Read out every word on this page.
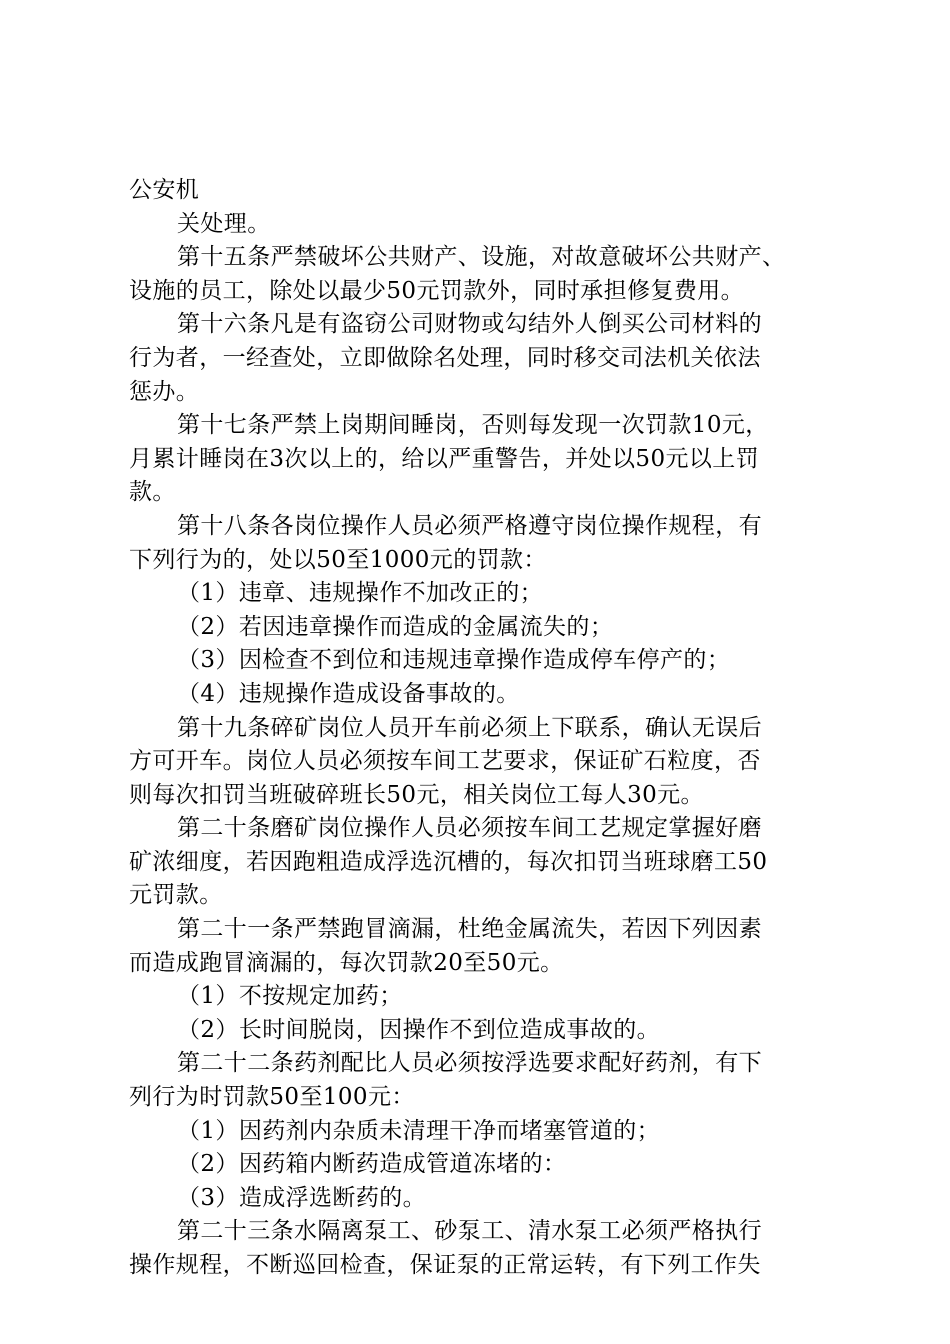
公安机
关处理。
第十五条严禁破坏公共财产、设施，对故意破坏公共财产、
设施的员工，除处以最少50元罚款外，同时承担修复费用。
第十六条凡是有盗窃公司财物或勾结外人倒买公司材料的
行为者，一经查处，立即做除名处理，同时移交司法机关依法
惩办。
第十七条严禁上岗期间睡岗，否则每发现一次罚款10元，
月累计睡岗在3次以上的，给以严重警告，并处以50元以上罚
款。
第十八条各岗位操作人员必须严格遵守岗位操作规程，有
下列行为的，处以50至1000元的罚款：
（1）违章、违规操作不加改正的；
（2）若因违章操作而造成的金属流失的；
（3）因检查不到位和违规违章操作造成停车停产的；
（4）违规操作造成设备事故的。
第十九条碎矿岗位人员开车前必须上下联系，确认无误后
方可开车。岗位人员必须按车间工艺要求，保证矿石粒度，否
则每次扣罚当班破碎班长50元，相关岗位工每人30元。
第二十条磨矿岗位操作人员必须按车间工艺规定掌握好磨
矿浓细度，若因跑粗造成浮选沉槽的，每次扣罚当班球磨工50
元罚款。
第二十一条严禁跑冒滴漏，杜绝金属流失，若因下列因素
而造成跑冒滴漏的，每次罚款20至50元。
（1）不按规定加药；
（2）长时间脱岗，因操作不到位造成事故的。
第二十二条药剂配比人员必须按浮选要求配好药剂，有下
列行为时罚款50至100元：
（1）因药剂内杂质未清理干净而堵塞管道的；
（2）因药箱内断药造成管道冻堵的：
（3）造成浮选断药的。
第二十三条水隔离泵工、砂泵工、清水泵工必须严格执行
操作规程，不断巡回检查，保证泵的正常运转，有下列工作失
